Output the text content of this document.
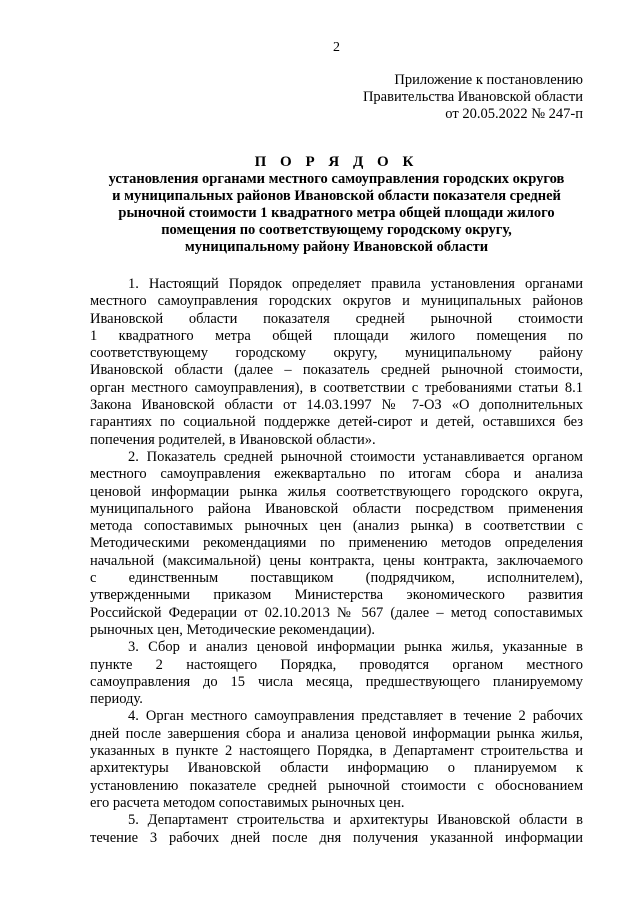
2
Приложение к постановлению
Правительства Ивановской области
от 20.05.2022 № 247-п
П О Р Я Д О К
установления органами местного самоуправления городских округов
и муниципальных районов Ивановской области показателя средней
рыночной стоимости 1 квадратного метра общей площади жилого
помещения по соответствующему городскому округу,
муниципальному району Ивановской области
1. Настоящий Порядок определяет правила установления органами
местного самоуправления городских округов и муниципальных районов
Ивановской области показателя средней рыночной стоимости
1 квадратного метра общей площади жилого помещения по
соответствующему городскому округу, муниципальному району
Ивановской области (далее – показатель средней рыночной стоимости,
орган местного самоуправления), в соответствии с требованиями статьи 8.1
Закона Ивановской области от 14.03.1997 № 7-ОЗ «О дополнительных
гарантиях по социальной поддержке детей-сирот и детей, оставшихся без
попечения родителей, в Ивановской области».
2. Показатель средней рыночной стоимости устанавливается органом
местного самоуправления ежеквартально по итогам сбора и анализа
ценовой информации рынка жилья соответствующего городского округа,
муниципального района Ивановской области посредством применения
метода сопоставимых рыночных цен (анализ рынка) в соответствии с
Методическими рекомендациями по применению методов определения
начальной (максимальной) цены контракта, цены контракта, заключаемого
с единственным поставщиком (подрядчиком, исполнителем),
утвержденными приказом Министерства экономического развития
Российской Федерации от 02.10.2013 № 567 (далее – метод сопоставимых
рыночных цен, Методические рекомендации).
3. Сбор и анализ ценовой информации рынка жилья, указанные в
пункте 2 настоящего Порядка, проводятся органом местного
самоуправления до 15 числа месяца, предшествующего планируемому
периоду.
4. Орган местного самоуправления представляет в течение 2 рабочих
дней после завершения сбора и анализа ценовой информации рынка жилья,
указанных в пункте 2 настоящего Порядка, в Департамент строительства и
архитектуры Ивановской области информацию о планируемом к
установлению показателе средней рыночной стоимости с обоснованием
его расчета методом сопоставимых рыночных цен.
5. Департамент строительства и архитектуры Ивановской области в
течение 3 рабочих дней после дня получения указанной информации
